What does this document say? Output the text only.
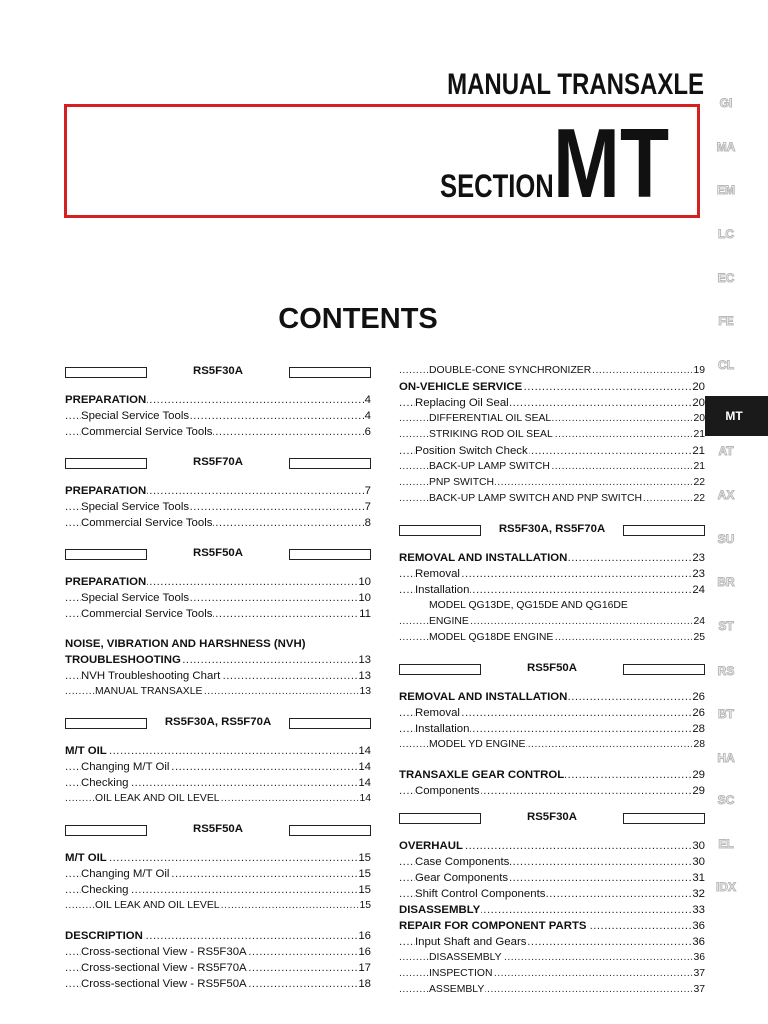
MANUAL TRANSAXLE
SECTION MT
CONTENTS
GI
MA
EM
LC
EC
FE
CL
MT
AT
AX
SU
BR
ST
RS
BT
HA
SC
EL
IDX
RS5F30A
.....
PREPARATION	4
.....
Special Service Tools	4
.....
Commercial Service Tools	6
RS5F70A
.....
PREPARATION	7
.....
Special Service Tools	7
.....
Commercial Service Tools	8
RS5F50A
.....
PREPARATION	10
.....
Special Service Tools	10
.....
Commercial Service Tools	11
NOISE, VIBRATION AND HARSHNESS (NVH)
.....
TROUBLESHOOTING	13
.....
NVH Troubleshooting Chart	13
.....
MANUAL TRANSAXLE	13
RS5F30A, RS5F70A
.....
M/T OIL	14
.....
Changing M/T Oil	14
.....
Checking	14
.....
OIL LEAK AND OIL LEVEL	14
RS5F50A
.....
M/T OIL	15
.....
Changing M/T Oil	15
.....
Checking	15
.....
OIL LEAK AND OIL LEVEL	15
.....
DESCRIPTION	16
.....
Cross-sectional View - RS5F30A	16
.....
Cross-sectional View - RS5F70A	17
.....
Cross-sectional View - RS5F50A	18
.....
DOUBLE-CONE SYNCHRONIZER	19
.....
ON-VEHICLE SERVICE	20
.....
Replacing Oil Seal	20
.....
DIFFERENTIAL OIL SEAL	20
.....
STRIKING ROD OIL SEAL	21
.....
Position Switch Check	21
.....
BACK-UP LAMP SWITCH	21
.....
PNP SWITCH	22
.....
BACK-UP LAMP SWITCH AND PNP SWITCH	22
RS5F30A, RS5F70A
.....
REMOVAL AND INSTALLATION	23
.....
Removal	23
.....
Installation	24
MODEL QG13DE, QG15DE AND QG16DE
.....
ENGINE	24
.....
MODEL QG18DE ENGINE	25
RS5F50A
.....
REMOVAL AND INSTALLATION	26
.....
Removal	26
.....
Installation	28
.....
MODEL YD ENGINE	28
.....
TRANSAXLE GEAR CONTROL	29
.....
Components	29
RS5F30A
.....
OVERHAUL	30
.....
Case Components	30
.....
Gear Components	31
.....
Shift Control Components	32
.....
DISASSEMBLY	33
.....
REPAIR FOR COMPONENT PARTS	36
.....
Input Shaft and Gears	36
.....
DISASSEMBLY	36
.....
INSPECTION	37
.....
ASSEMBLY	37
